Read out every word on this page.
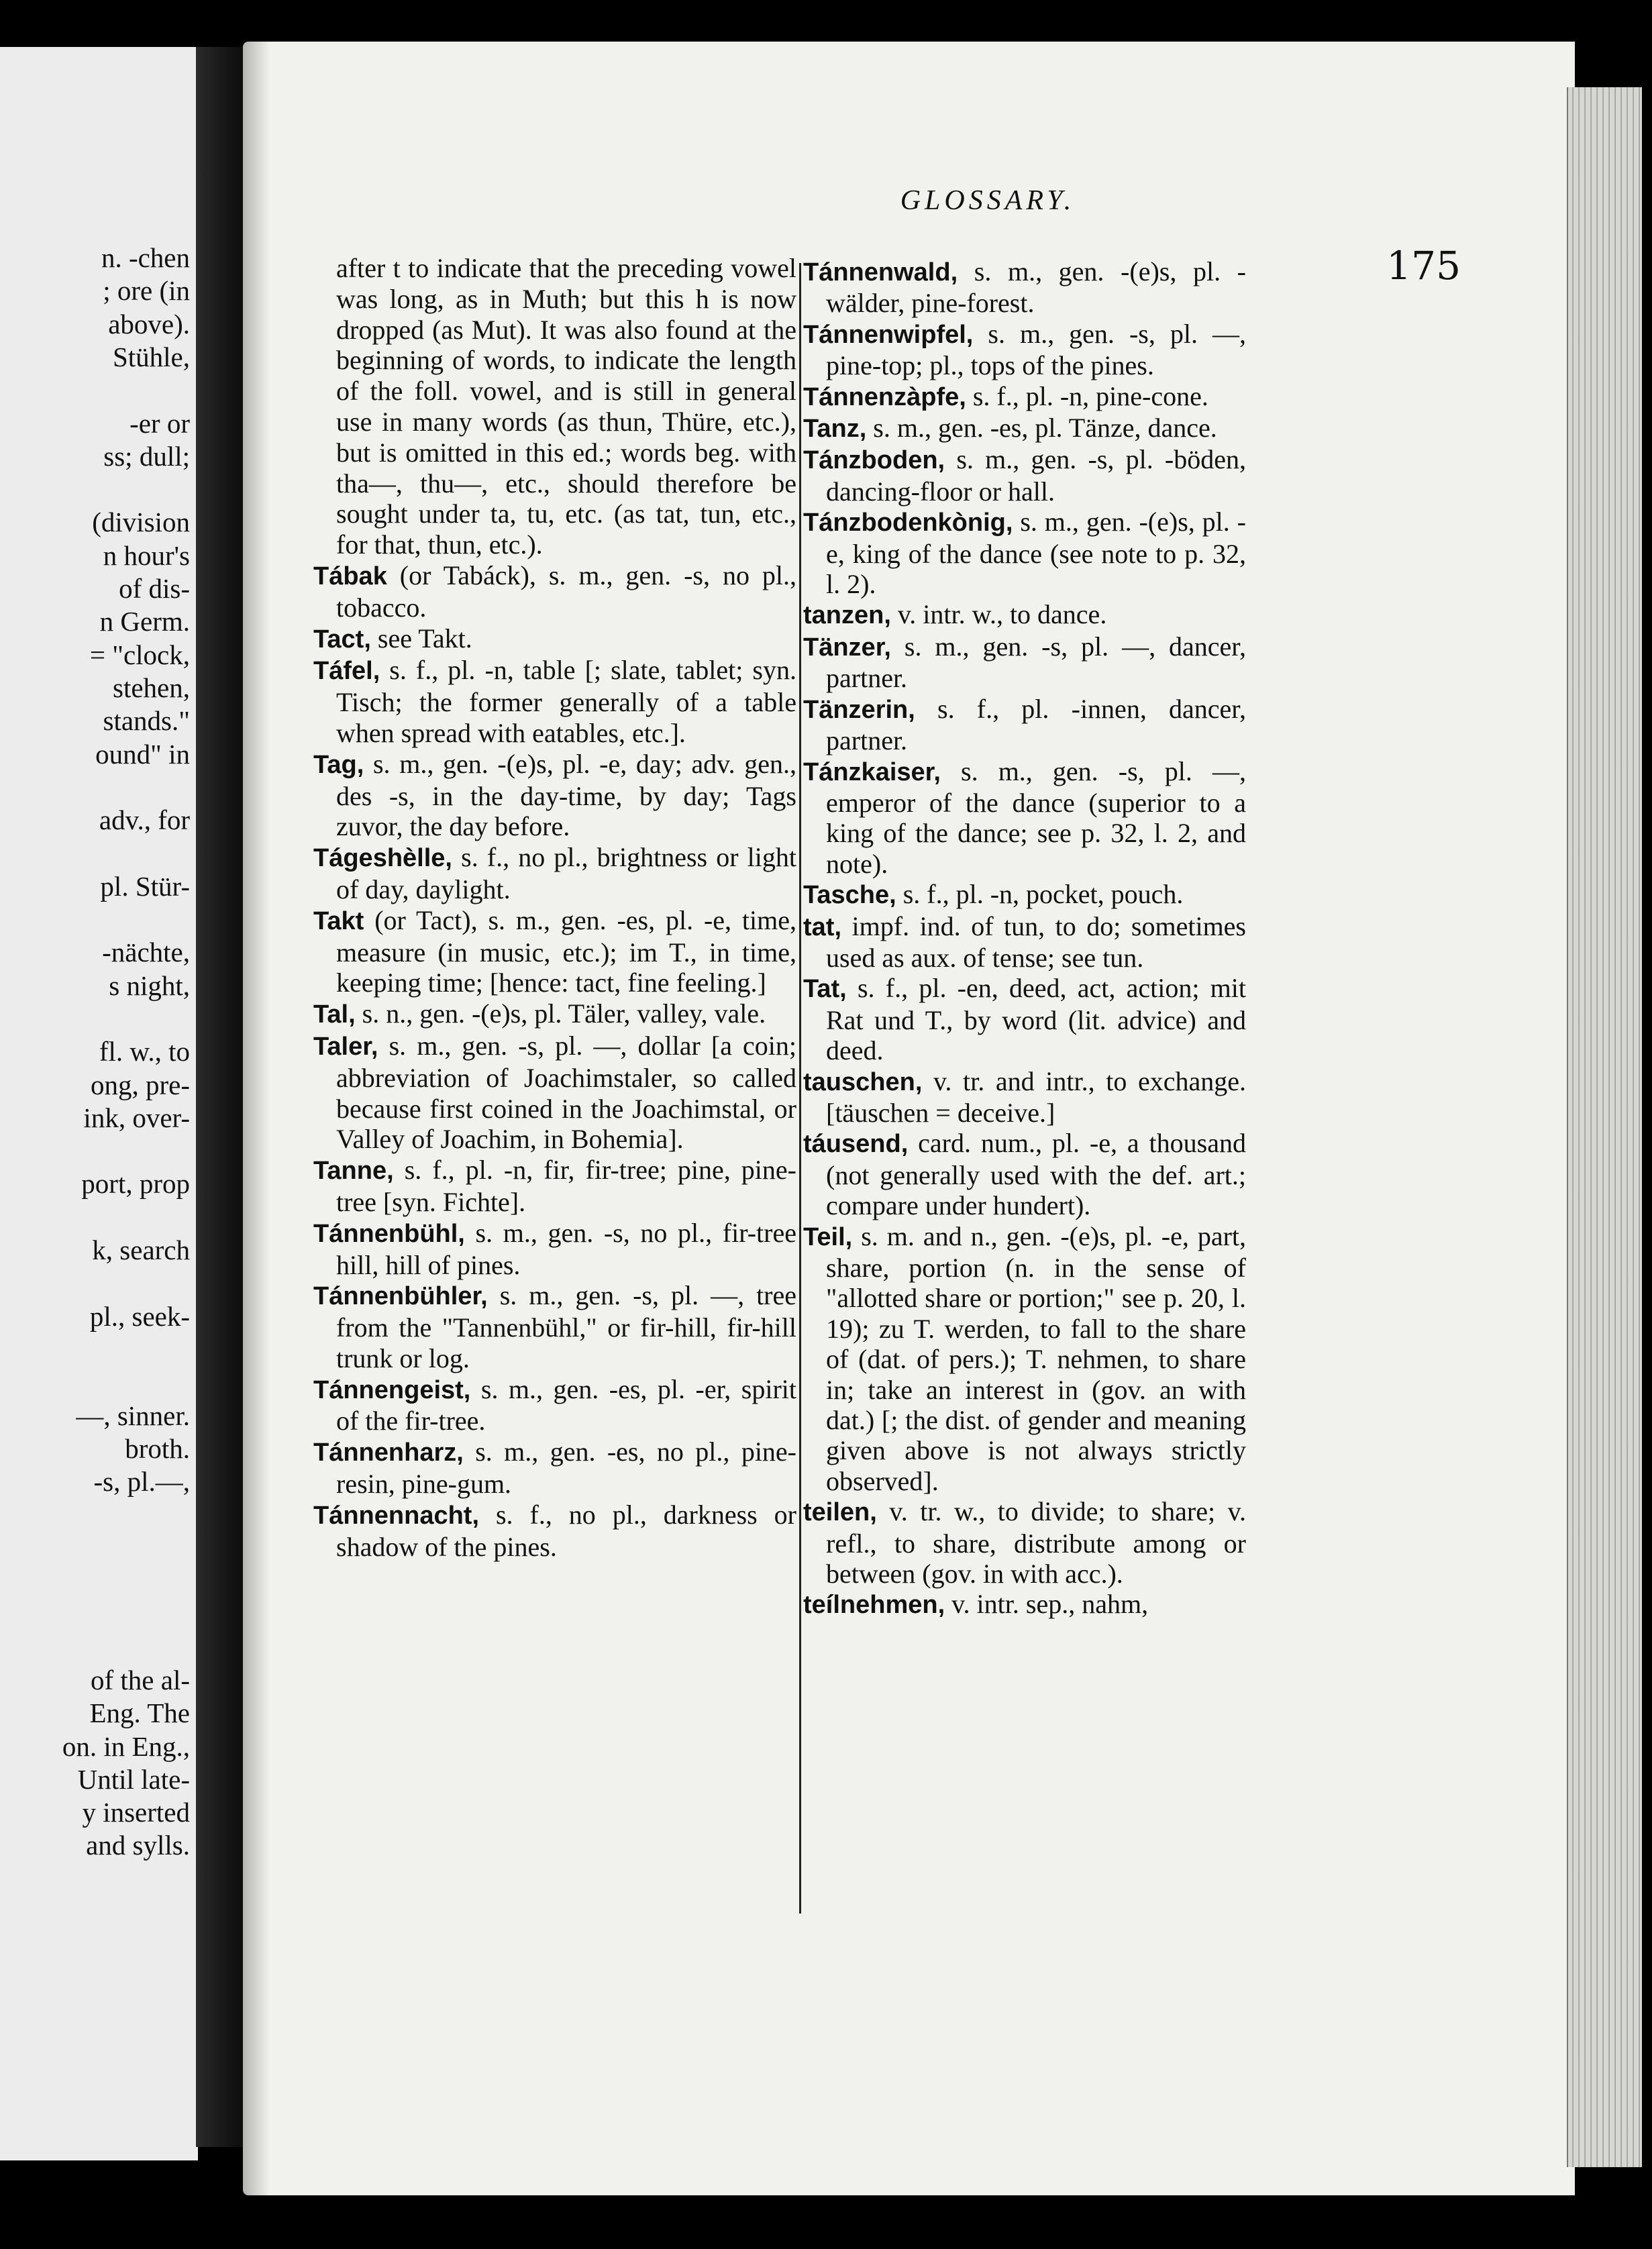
n. -chen
; ore (in
above).
Stühle,
-er or
ss; dull;
(division
n hour's
of dis-
n Germ.
= "clock,
stehen,
stands."
ound" in
adv., for
pl. Stür-
-nächte,
s night,
fl. w., to
ong, pre-
ink, over-
port, prop
k, search
pl., seek-
—, sinner.
broth.
-s, pl.—,
of the al-
Eng. The
on. in Eng.,
Until late-
y inserted
and sylls.
GLOSSARY.
175

after t to indicate that the preceding vowel was long, as in Muth; but this h is now dropped (as Mut). It was also found at the beginning of words, to indicate the length of the foll. vowel, and is still in general use in many words (as thun, Thüre, etc.), but is omitted in this ed.; words beg. with tha—, thu—, etc., should therefore be sought under ta, tu, etc. (as tat, tun, etc., for that, thun, etc.).

Tábak (or Tabáck), s. m., gen. -s, no pl., tobacco.

Tact, see Takt.

Táfel, s. f., pl. -n, table [; slate, tablet; syn. Tisch; the former generally of a table when spread with eatables, etc.].

Tag, s. m., gen. -(e)s, pl. -e, day; adv. gen., des -s, in the day-time, by day; Tags zuvor, the day before.

Tágeshèlle, s. f., no pl., brightness or light of day, daylight.

Takt (or Tact), s. m., gen. -es, pl. -e, time, measure (in music, etc.); im T., in time, keeping time; [hence: tact, fine feeling.]

Tal, s. n., gen. -(e)s, pl. Täler, valley, vale.

Taler, s. m., gen. -s, pl. —, dollar [a coin; abbreviation of Joachimstaler, so called because first coined in the Joachimstal, or Valley of Joachim, in Bohemia].

Tanne, s. f., pl. -n, fir, fir-tree; pine, pine-tree [syn. Fichte].

Tánnenbühl, s. m., gen. -s, no pl., fir-tree hill, hill of pines.

Tánnenbühler, s. m., gen. -s, pl. —, tree from the "Tannenbühl," or fir-hill, fir-hill trunk or log.

Tánnengeist, s. m., gen. -es, pl. -er, spirit of the fir-tree.

Tánnenharz, s. m., gen. -es, no pl., pine-resin, pine-gum.

Tánnennacht, s. f., no pl., darkness or shadow of the pines.

Tánnenwald, s. m., gen. -(e)s, pl. -wälder, pine-forest.

Tánnenwipfel, s. m., gen. -s, pl. —, pine-top; pl., tops of the pines.

Tánnenzàpfe, s. f., pl. -n, pine-cone.

Tanz, s. m., gen. -es, pl. Tänze, dance.

Tánzboden, s. m., gen. -s, pl. -böden, dancing-floor or hall.

Tánzbodenkònig, s. m., gen. -(e)s, pl. -e, king of the dance (see note to p. 32, l. 2).

tanzen, v. intr. w., to dance.

Tänzer, s. m., gen. -s, pl. —, dancer, partner.

Tänzerin, s. f., pl. -innen, dancer, partner.

Tánzkaiser, s. m., gen. -s, pl. —, emperor of the dance (superior to a king of the dance; see p. 32, l. 2, and note).

Tasche, s. f., pl. -n, pocket, pouch.

tat, impf. ind. of tun, to do; sometimes used as aux. of tense; see tun.

Tat, s. f., pl. -en, deed, act, action; mit Rat und T., by word (lit. advice) and deed.

tauschen, v. tr. and intr., to exchange. [täuschen = deceive.]

táusend, card. num., pl. -e, a thousand (not generally used with the def. art.; compare under hundert).

Teil, s. m. and n., gen. -(e)s, pl. -e, part, share, portion (n. in the sense of "allotted share or portion;" see p. 20, l. 19); zu T. werden, to fall to the share of (dat. of pers.); T. nehmen, to share in; take an interest in (gov. an with dat.) [; the dist. of gender and meaning given above is not always strictly observed].

teilen, v. tr. w., to divide; to share; v. refl., to share, distribute among or between (gov. in with acc.).

teílnehmen, v. intr. sep., nahm,
